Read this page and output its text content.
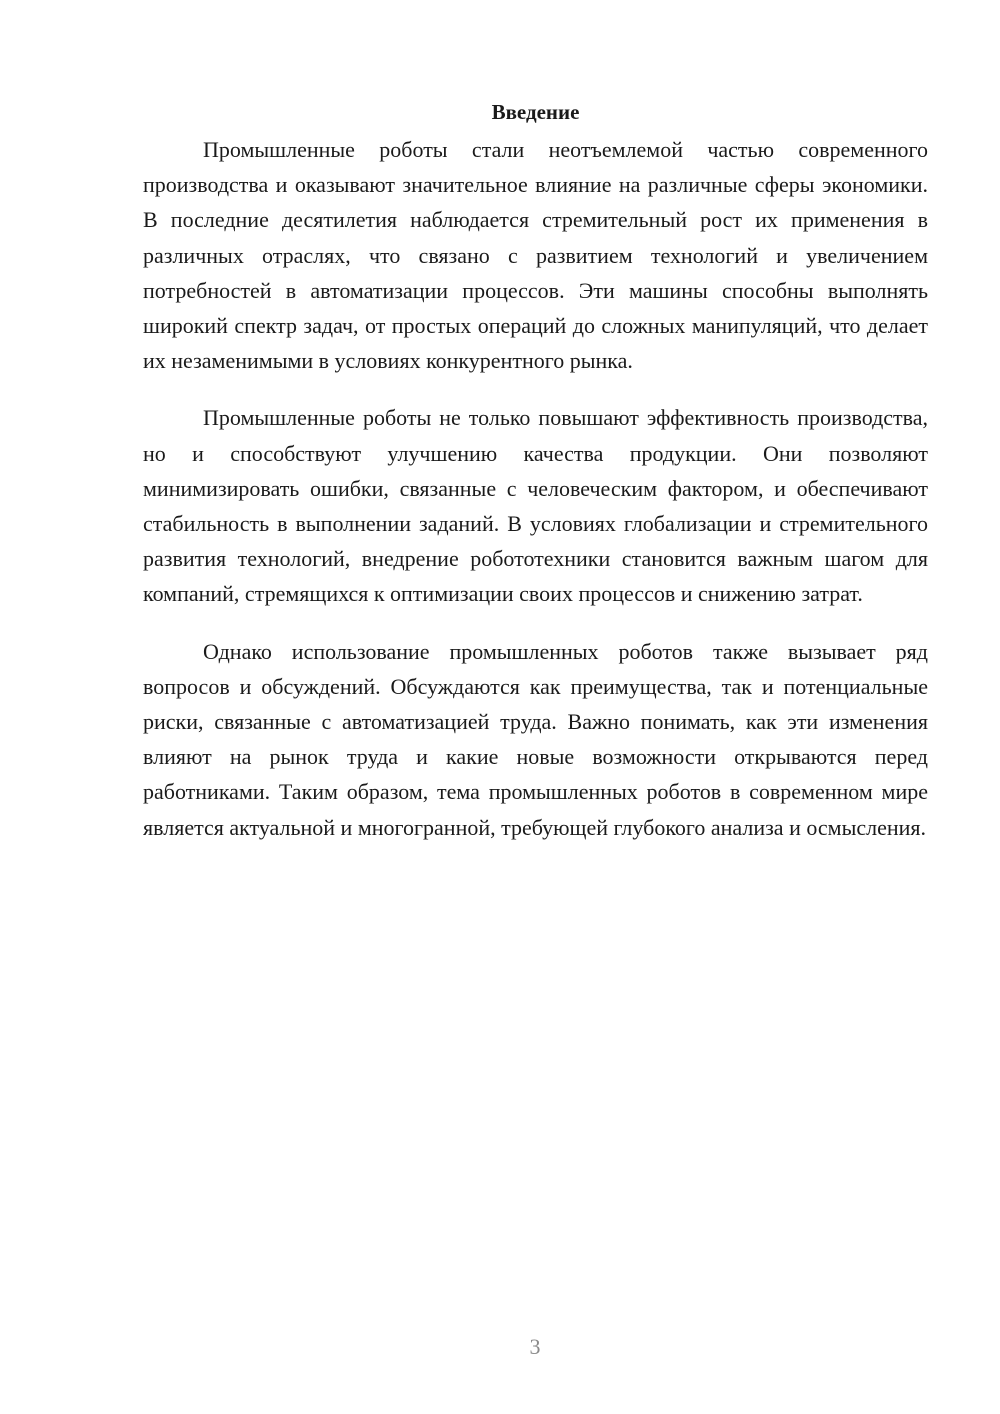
Введение

Промышленные роботы стали неотъемлемой частью современного производства и оказывают значительное влияние на различные сферы экономики. В последние десятилетия наблюдается стремительный рост их применения в различных отраслях, что связано с развитием технологий и увеличением потребностей в автоматизации процессов. Эти машины способны выполнять широкий спектр задач, от простых операций до сложных манипуляций, что делает их незаменимыми в условиях конкурентного рынка.

Промышленные роботы не только повышают эффективность производства, но и способствуют улучшению качества продукции. Они позволяют минимизировать ошибки, связанные с человеческим фактором, и обеспечивают стабильность в выполнении заданий. В условиях глобализации и стремительного развития технологий, внедрение робототехники становится важным шагом для компаний, стремящихся к оптимизации своих процессов и снижению затрат.

Однако использование промышленных роботов также вызывает ряд вопросов и обсуждений. Обсуждаются как преимущества, так и потенциальные риски, связанные с автоматизацией труда. Важно понимать, как эти изменения влияют на рынок труда и какие новые возможности открываются перед работниками. Таким образом, тема промышленных роботов в современном мире является актуальной и многогранной, требующей глубокого анализа и осмысления.

3
